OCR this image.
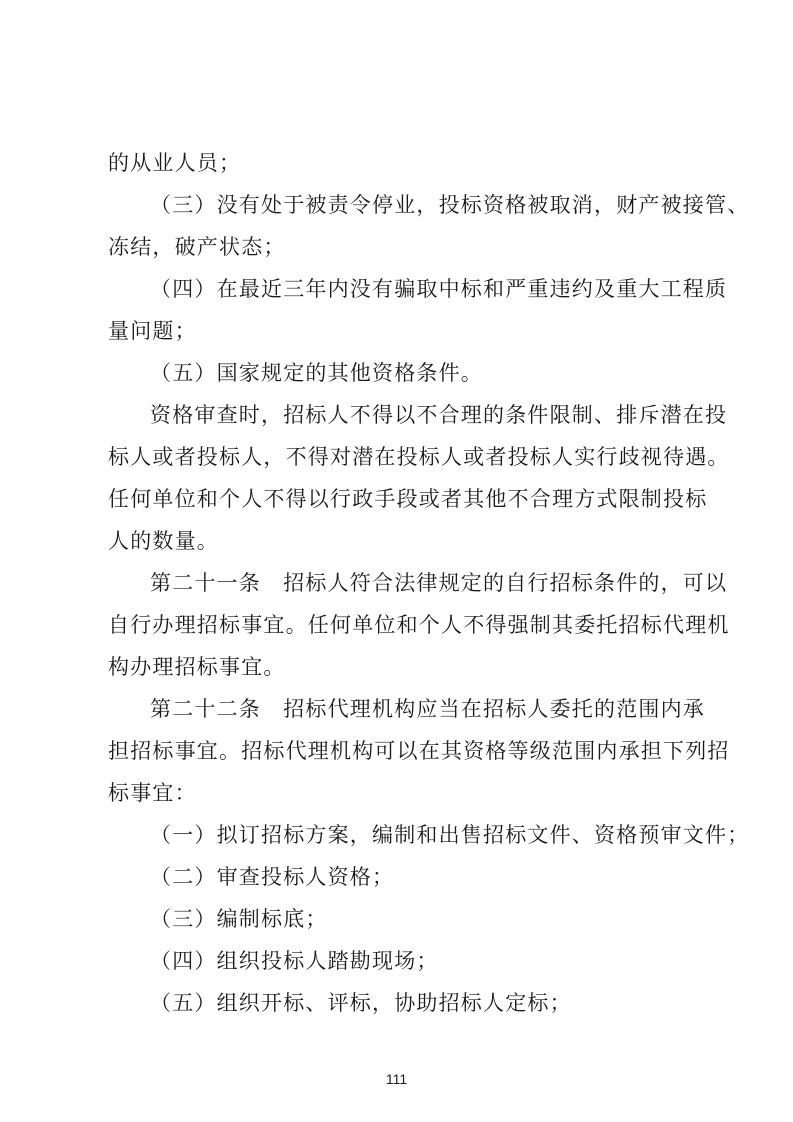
的从业人员；
（三）没有处于被责令停业，投标资格被取消，财产被接管、
冻结，破产状态；
（四）在最近三年内没有骗取中标和严重违约及重大工程质
量问题；
（五）国家规定的其他资格条件。
资格审查时，招标人不得以不合理的条件限制、排斥潜在投
标人或者投标人，不得对潜在投标人或者投标人实行歧视待遇。
任何单位和个人不得以行政手段或者其他不合理方式限制投标
人的数量。
第二十一条　招标人符合法律规定的自行招标条件的，可以
自行办理招标事宜。任何单位和个人不得强制其委托招标代理机
构办理招标事宜。
第二十二条　招标代理机构应当在招标人委托的范围内承
担招标事宜。招标代理机构可以在其资格等级范围内承担下列招
标事宜：
（一）拟订招标方案，编制和出售招标文件、资格预审文件；
（二）审查投标人资格；
（三）编制标底；
（四）组织投标人踏勘现场；
（五）组织开标、评标，协助招标人定标；
111
